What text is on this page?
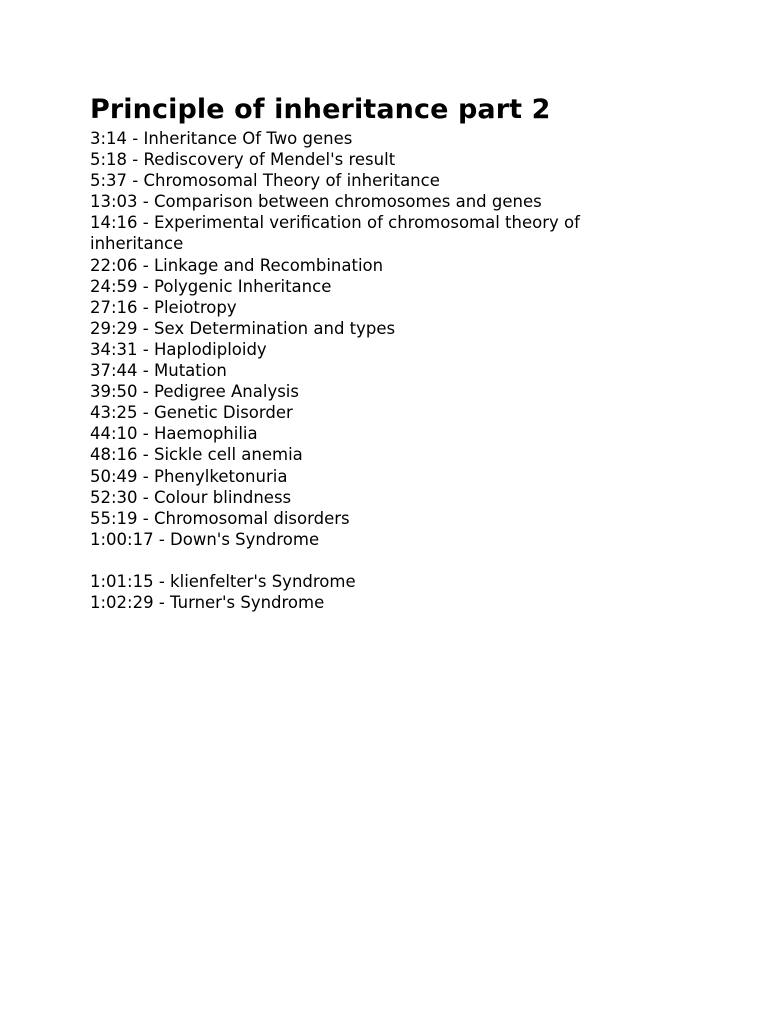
Principle of inheritance part 2
3:14 - Inheritance Of Two genes
5:18 - Rediscovery of Mendel's result
5:37 - Chromosomal Theory of inheritance
13:03 - Comparison between chromosomes and genes
14:16 - Experimental verification of chromosomal theory of inheritance
22:06 - Linkage and Recombination
24:59 - Polygenic Inheritance
27:16 - Pleiotropy
29:29 - Sex Determination and types
34:31 - Haplodiploidy
37:44 - Mutation
39:50 - Pedigree Analysis
43:25 - Genetic Disorder
44:10 - Haemophilia
48:16 - Sickle cell anemia
50:49 - Phenylketonuria
52:30 - Colour blindness
55:19 - Chromosomal disorders
1:00:17 - Down's Syndrome
1:01:15 - klienfelter's Syndrome
1:02:29 - Turner's Syndrome
